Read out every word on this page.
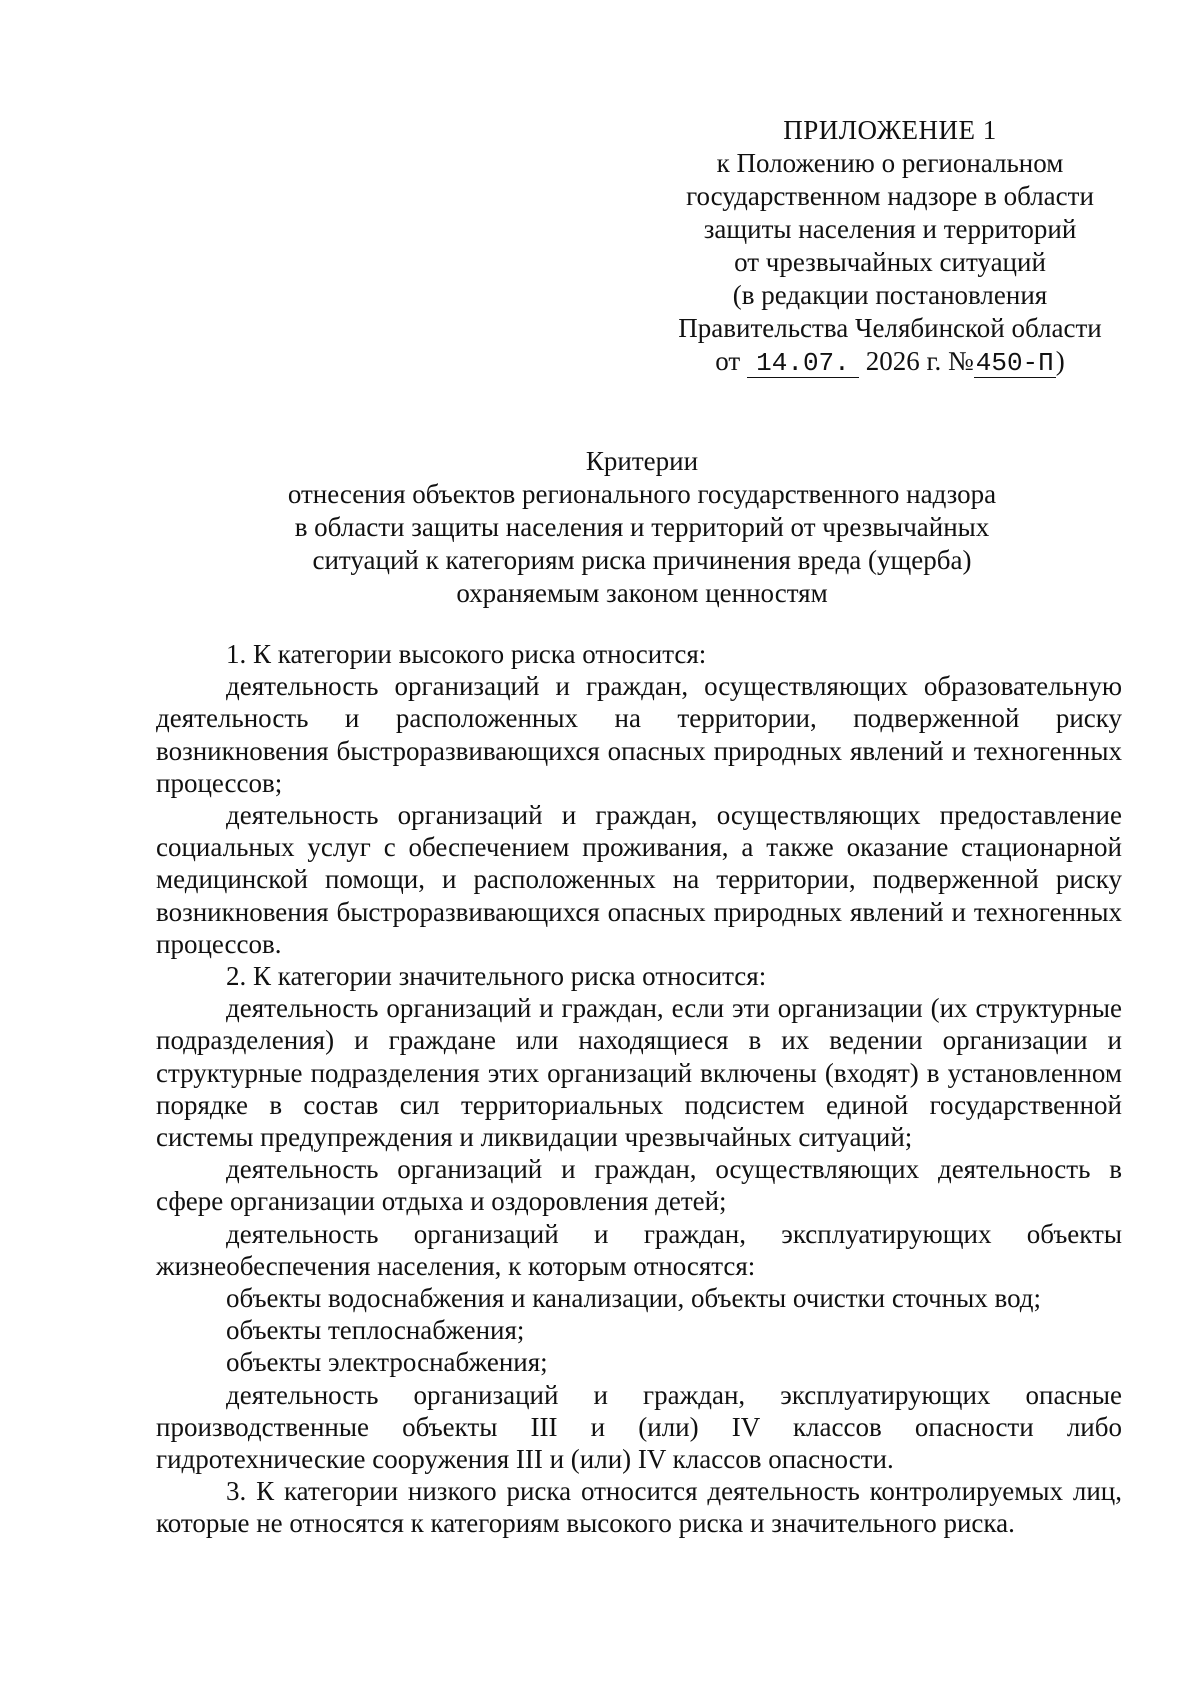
ПРИЛОЖЕНИЕ 1
к Положению о региональном
государственном надзоре в области
защиты населения и территорий
от чрезвычайных ситуаций
(в редакции постановления
Правительства Челябинской области
от 14.07. 2026 г. №450-П)
Критерии
отнесения объектов регионального государственного надзора
в области защиты населения и территорий от чрезвычайных
ситуаций к категориям риска причинения вреда (ущерба)
охраняемым законом ценностям

1. К категории высокого риска относится:

деятельность организаций и граждан, осуществляющих образовательную деятельность и расположенных на территории, подверженной риску возникновения быстроразвивающихся опасных природных явлений и техногенных процессов;

деятельность организаций и граждан, осуществляющих предоставление социальных услуг с обеспечением проживания, а также оказание стационарной медицинской помощи, и расположенных на территории, подверженной риску возникновения быстроразвивающихся опасных природных явлений и техногенных процессов.

2. К категории значительного риска относится:

деятельность организаций и граждан, если эти организации (их структурные подразделения) и граждане или находящиеся в их ведении организации и структурные подразделения этих организаций включены (входят) в установленном порядке в состав сил территориальных подсистем единой государственной системы предупреждения и ликвидации чрезвычайных ситуаций;

деятельность организаций и граждан, осуществляющих деятельность в сфере организации отдыха и оздоровления детей;

деятельность организаций и граждан, эксплуатирующих объекты жизнеобеспечения населения, к которым относятся:

объекты водоснабжения и канализации, объекты очистки сточных вод;

объекты теплоснабжения;

объекты электроснабжения;

деятельность организаций и граждан, эксплуатирующих опасные производственные объекты III и (или) IV классов опасности либо гидротехнические сооружения III и (или) IV классов опасности.

3. К категории низкого риска относится деятельность контролируемых лиц, которые не относятся к категориям высокого риска и значительного риска.
